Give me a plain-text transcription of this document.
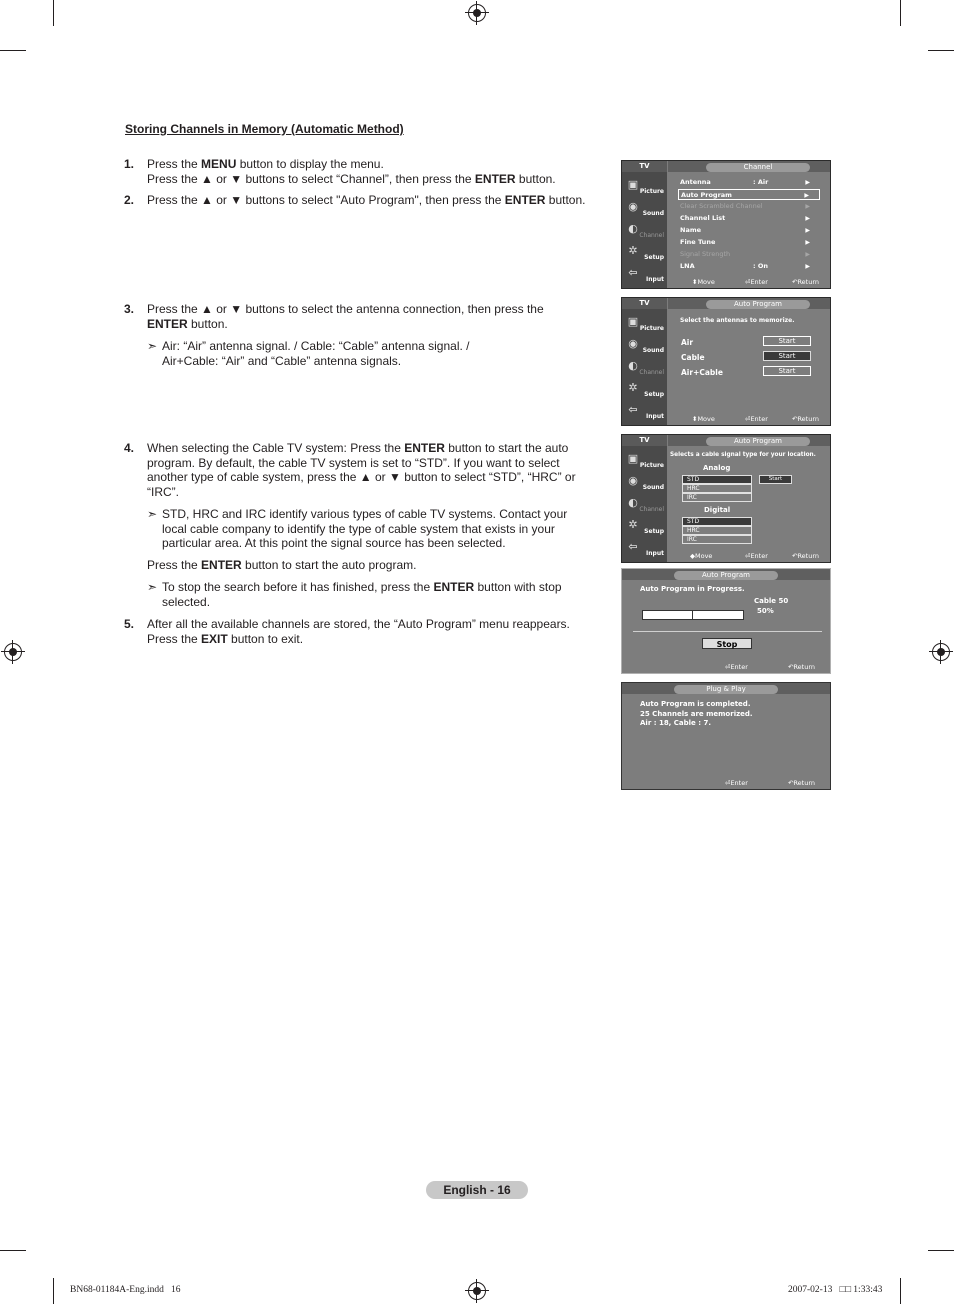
Storing Channels in Memory (Automatic Method)
1. Press the MENU button to display the menu.
Press the ▲ or ▼ buttons to select “Channel”, then press the ENTER button.
2. Press the ▲ or ▼ buttons to select "Auto Program", then press the ENTER button.
3. Press the ▲ or ▼ buttons to select the antenna connection, then press the
ENTER button.
➣ Air: “Air” antenna signal. / Cable: “Cable” antenna signal. /
Air+Cable: “Air” and “Cable” antenna signals.
4. When selecting the Cable TV system: Press the ENTER button to start the auto
program. By default, the cable TV system is set to “STD”. If you want to select
another type of cable system, press the ▲ or ▼ button to select “STD”, “HRC” or
“IRC”.
➣ STD, HRC and IRC identify various types of cable TV systems. Contact your
local cable company to identify the type of cable system that exists in your
particular area. At this point the signal source has been selected.
Press the ENTER button to start the auto program.
➣ To stop the search before it has finished, press the ENTER button with stop
selected.
5. After all the available channels are stored, the “Auto Program” menu reappears.
Press the EXIT button to exit.
TV
▣
Picture
◉
Sound
◐
Channel
✲
Setup
⇦
Input
Channel
Antenna	: Air	▶
Auto Program	▶
Clear Scrambled Channel	▶
Channel List	▶
Name	▶
Fine Tune	▶
Signal Strength	▶
LNA	: On	▶
⬍ Move	⏎ Enter	↶ Return
TV
▣
Picture
◉
Sound
◐
Channel
✲
Setup
⇦
Input
Auto Program
Select the antennas to memorize.
Air
Cable
Air+Cable
Start
Start
Start
⬍ Move	⏎ Enter	↶ Return
TV
▣
Picture
◉
Sound
◐
Channel
✲
Setup
⇦
Input
Auto Program
Selects a cable signal type for your location.
Analog
STD
HRC
IRC
Start
Digital
STD
HRC
IRC
◆ Move	⏎ Enter	↶ Return
Auto Program
Auto Program in Progress.
Cable 50
50%
Stop
⏎ Enter	↶ Return
Plug & Play
Auto Program is completed.
25 Channels are memorized.
Air : 18, Cable : 7.
⏎ Enter	↶ Return
English - 16
BN68-01184A-Eng.indd   16	2007-02-13   □□ 1:33:43
